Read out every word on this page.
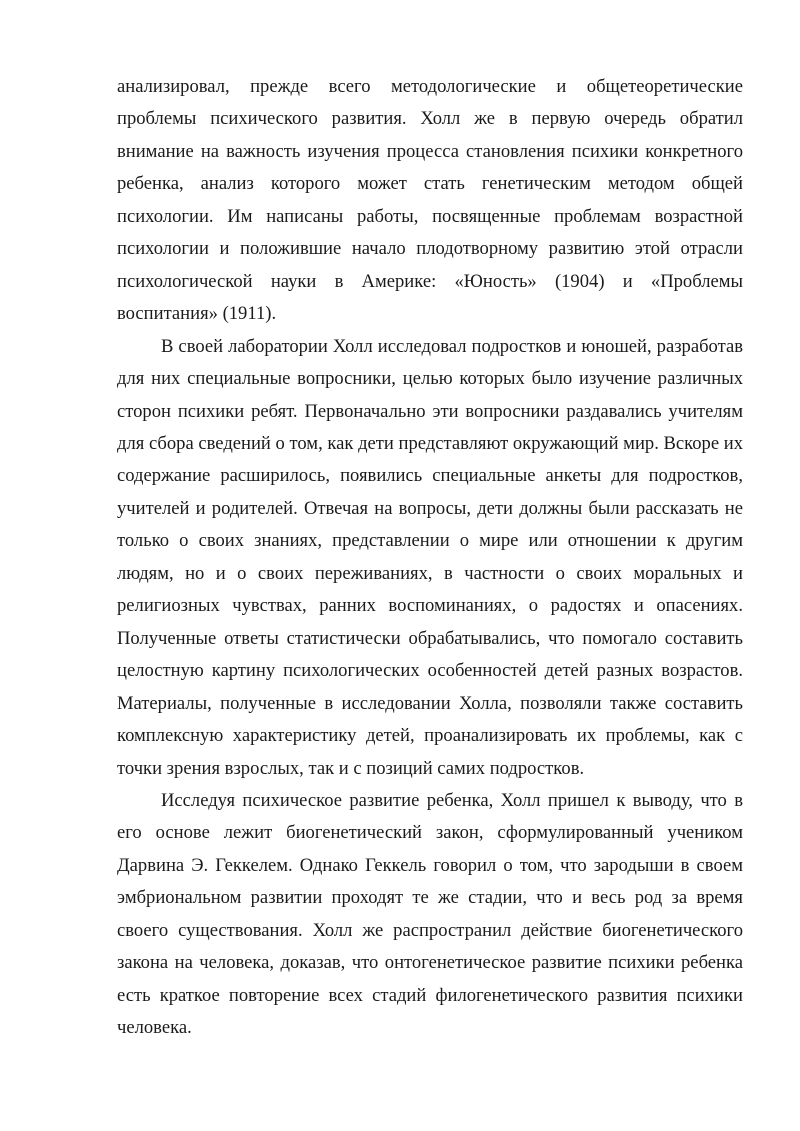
анализировал, прежде всего методологические и общетеоретические проблемы психического развития. Холл же в первую очередь обратил внимание на важность изучения процесса становления психики конкретного ребенка, анализ которого может стать генетическим методом общей психологии. Им написаны работы, посвященные проблемам возрастной психологии и положившие начало плодотворному развитию этой отрасли психологической науки в Америке: «Юность» (1904) и «Проблемы воспитания» (1911).

В своей лаборатории Холл исследовал подростков и юношей, разработав для них специальные вопросники, целью которых было изучение различных сторон психики ребят. Первоначально эти вопросники раздавались учителям для сбора сведений о том, как дети представляют окружающий мир. Вскоре их содержание расширилось, появились специальные анкеты для подростков, учителей и родителей. Отвечая на вопросы, дети должны были рассказать не только о своих знаниях, представлении о мире или отношении к другим людям, но и о своих переживаниях, в частности о своих моральных и религиозных чувствах, ранних воспоминаниях, о радостях и опасениях. Полученные ответы статистически обрабатывались, что помогало составить целостную картину психологических особенностей детей разных возрастов. Материалы, полученные в исследовании Холла, позволяли также составить комплексную характеристику детей, проанализировать их проблемы, как с точки зрения взрослых, так и с позиций самих подростков.

Исследуя психическое развитие ребенка, Холл пришел к выводу, что в его основе лежит биогенетический закон, сформулированный учеником Дарвина Э. Геккелем. Однако Геккель говорил о том, что зародыши в своем эмбриональном развитии проходят те же стадии, что и весь род за время своего существования. Холл же распространил действие биогенетического закона на человека, доказав, что онтогенетическое развитие психики ребенка есть краткое повторение всех стадий филогенетического развития психики человека.
